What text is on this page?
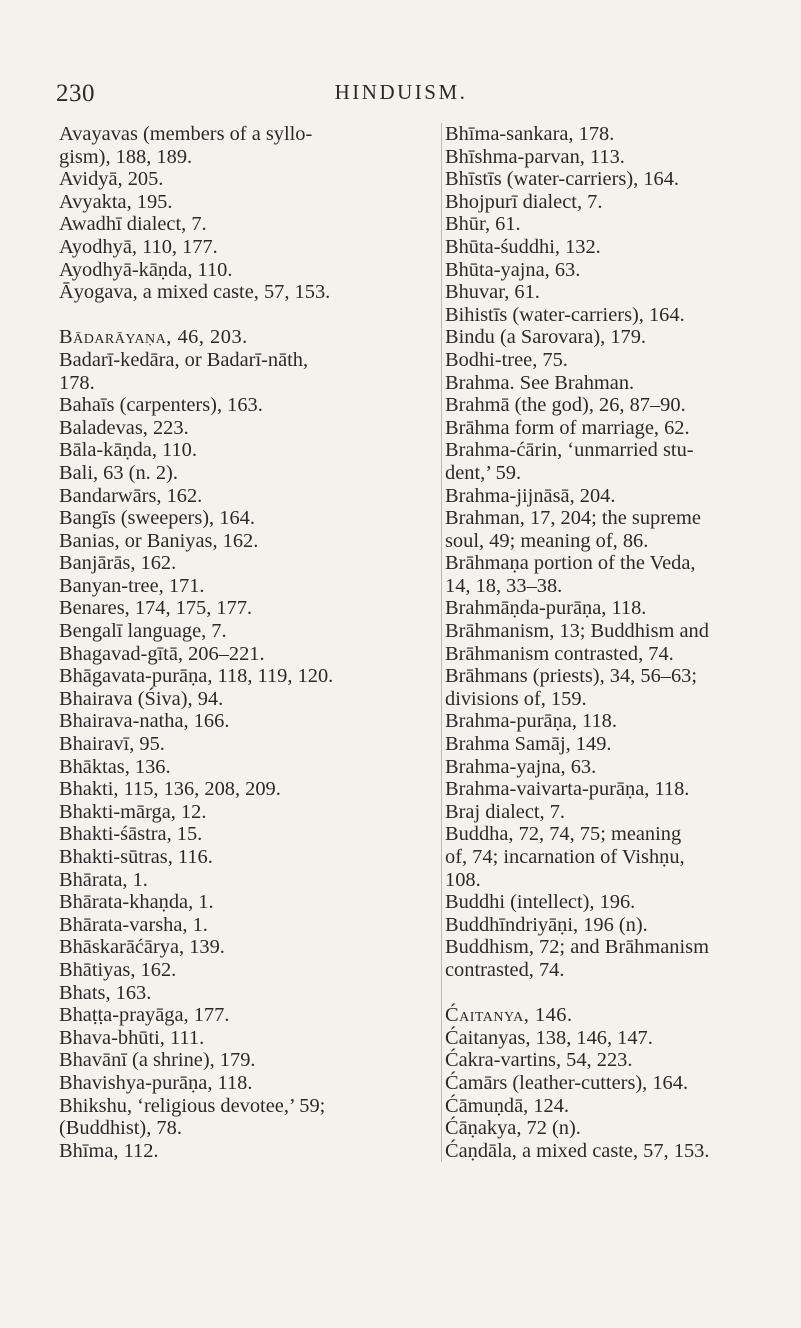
230	HINDUISM.
Avayavas (members of a syllo-
gism), 188, 189.
Avidyā, 205.
Avyakta, 195.
Awadhī dialect, 7.
Ayodhyā, 110, 177.
Ayodhyā-kāṇda, 110.
Āyogava, a mixed caste, 57, 153.
Bādarāyaṇa, 46, 203.
Badarī-kedāra, or Badarī-nāth,
178.
Bahaīs (carpenters), 163.
Baladevas, 223.
Bāla-kāṇda, 110.
Bali, 63 (n. 2).
Bandarwārs, 162.
Bangīs (sweepers), 164.
Banias, or Baniyas, 162.
Banjārās, 162.
Banyan-tree, 171.
Benares, 174, 175, 177.
Bengalī language, 7.
Bhagavad-gītā, 206–221.
Bhāgavata-purāṇa, 118, 119, 120.
Bhairava (Śiva), 94.
Bhairava-natha, 166.
Bhairavī, 95.
Bhāktas, 136.
Bhakti, 115, 136, 208, 209.
Bhakti-mārga, 12.
Bhakti-śāstra, 15.
Bhakti-sūtras, 116.
Bhārata, 1.
Bhārata-khaṇda, 1.
Bhārata-varsha, 1.
Bhāskarāćārya, 139.
Bhātiyas, 162.
Bhats, 163.
Bhaṭṭa-prayāga, 177.
Bhava-bhūti, 111.
Bhavānī (a shrine), 179.
Bhavishya-purāṇa, 118.
Bhikshu, ‘religious devotee,’ 59;
(Buddhist), 78.
Bhīma, 112.
Bhīma-sankara, 178.
Bhīshma-parvan, 113.
Bhīstīs (water-carriers), 164.
Bhojpurī dialect, 7.
Bhūr, 61.
Bhūta-śuddhi, 132.
Bhūta-yajna, 63.
Bhuvar, 61.
Bihistīs (water-carriers), 164.
Bindu (a Sarovara), 179.
Bodhi-tree, 75.
Brahma. See Brahman.
Brahmā (the god), 26, 87–90.
Brāhma form of marriage, 62.
Brahma-ćārin, ‘unmarried stu-
dent,’ 59.
Brahma-jijnāsā, 204.
Brahman, 17, 204; the supreme
soul, 49; meaning of, 86.
Brāhmaṇa portion of the Veda,
14, 18, 33–38.
Brahmāṇda-purāṇa, 118.
Brāhmanism, 13; Buddhism and
Brāhmanism contrasted, 74.
Brāhmans (priests), 34, 56–63;
divisions of, 159.
Brahma-purāṇa, 118.
Brahma Samāj, 149.
Brahma-yajna, 63.
Brahma-vaivarta-purāṇa, 118.
Braj dialect, 7.
Buddha, 72, 74, 75; meaning
of, 74; incarnation of Vishṇu,
108.
Buddhi (intellect), 196.
Buddhīndriyāṇi, 196 (n).
Buddhism, 72; and Brāhmanism
contrasted, 74.
Ćaitanya, 146.
Ćaitanyas, 138, 146, 147.
Ćakra-vartins, 54, 223.
Ćamārs (leather-cutters), 164.
Ćāmuṇdā, 124.
Ćāṇakya, 72 (n).
Ćaṇdāla, a mixed caste, 57, 153.
